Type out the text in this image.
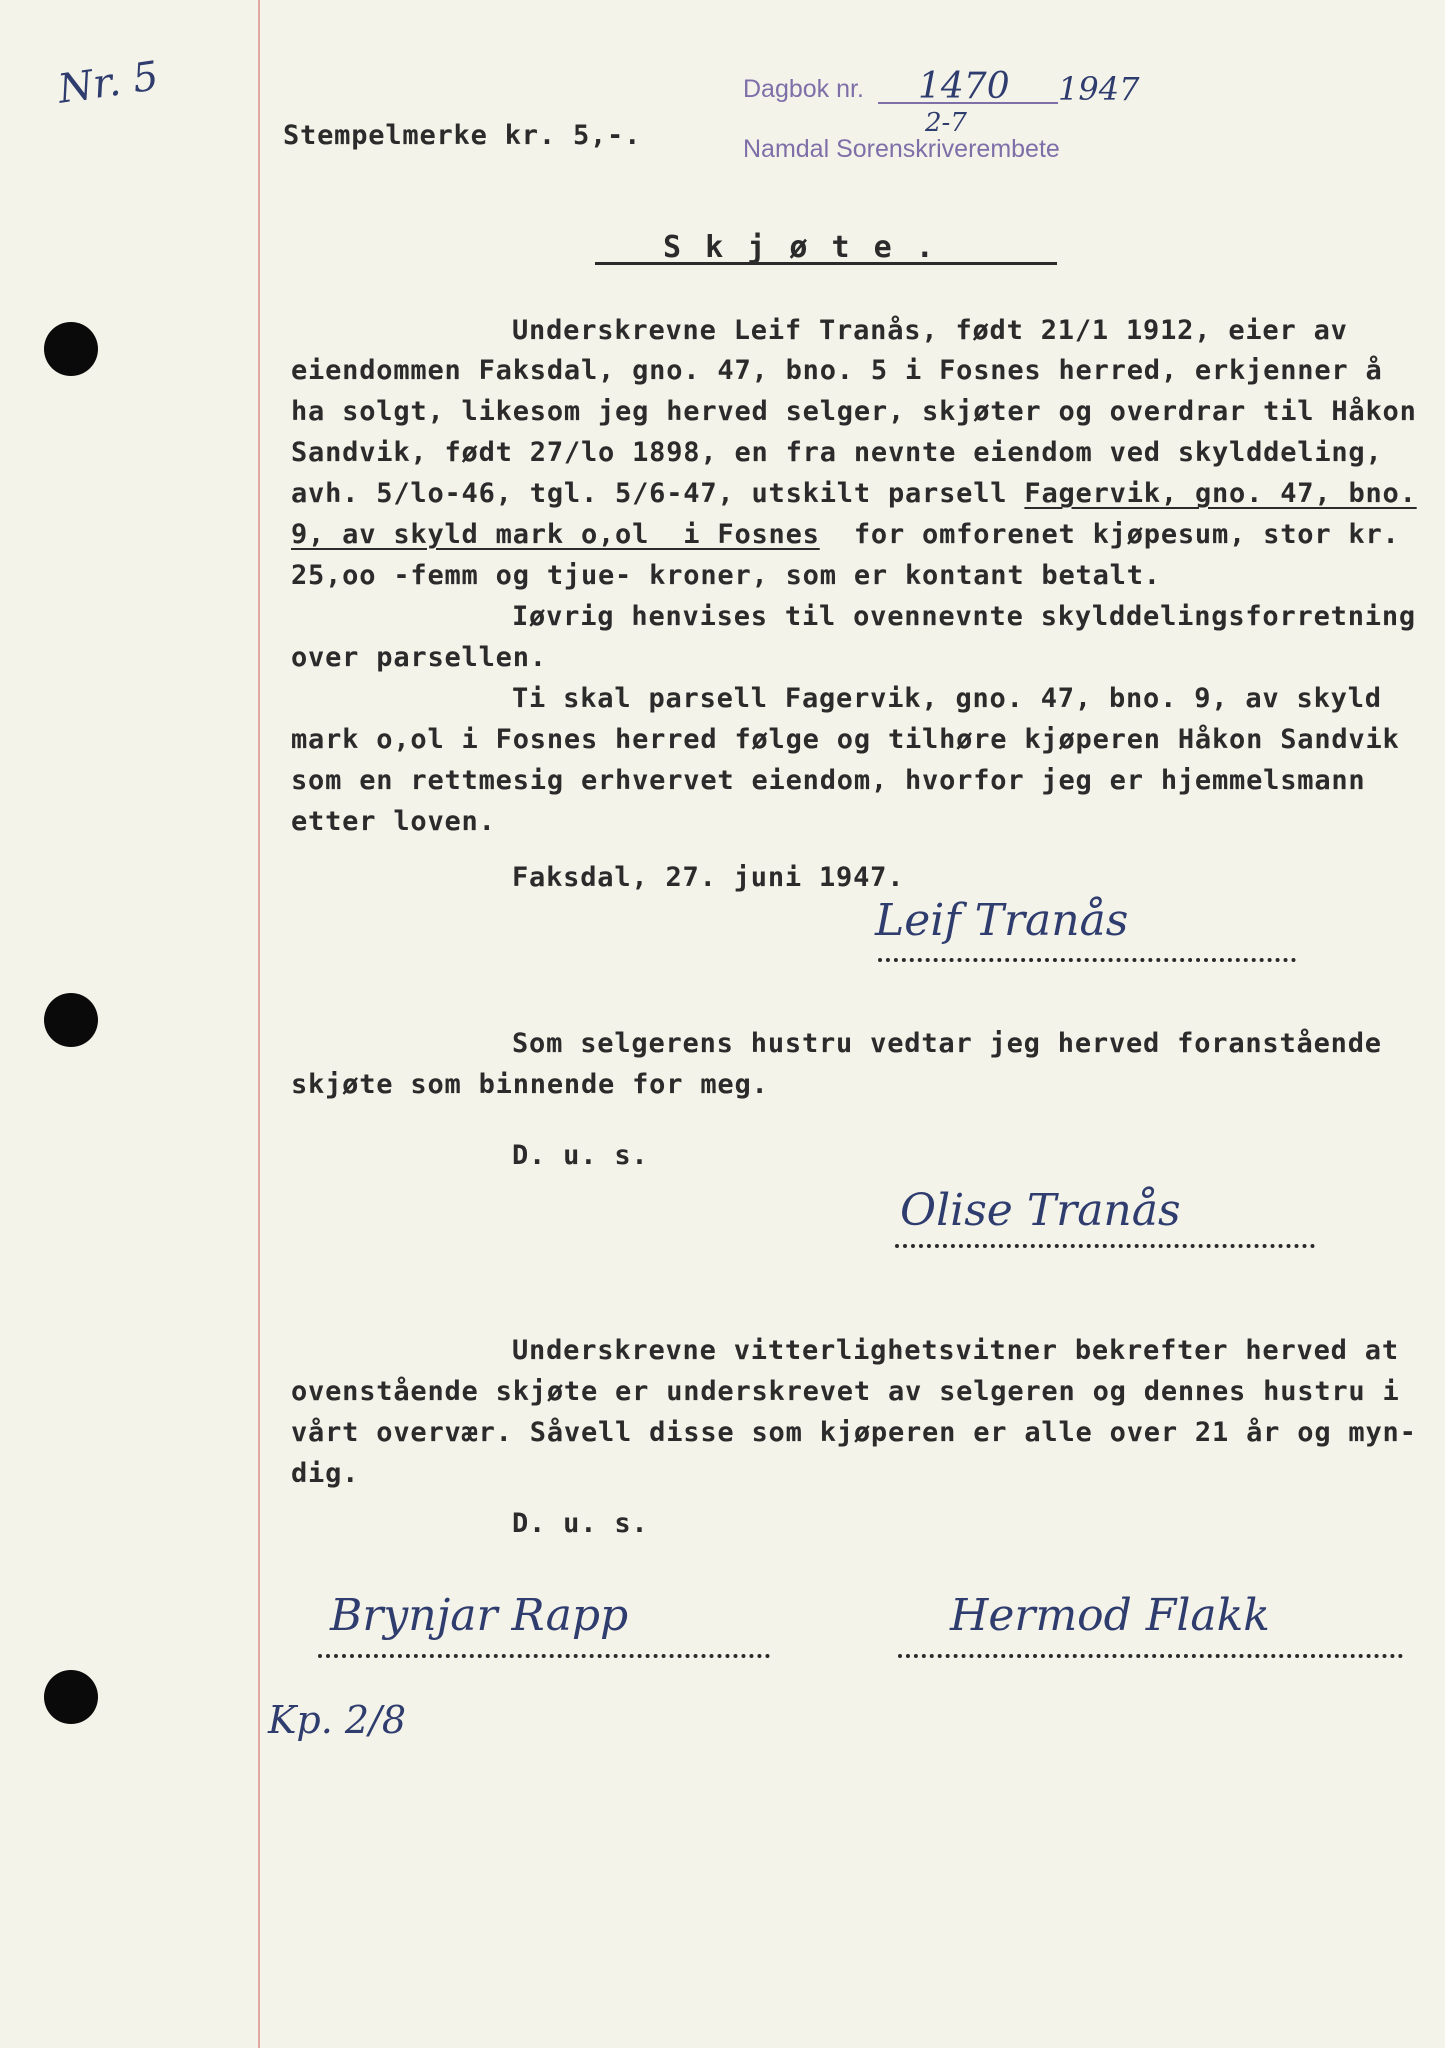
Nr. 5	Dagbok nr. 1470 1947
2-7
Namdal Sorenskriverembete
Stempelmerke kr. 5,-.
S k j ø t e .
Underskrevne Leif Tranås, født 21/1 1912, eier av
eiendommen Faksdal, gno. 47, bno. 5 i Fosnes herred, erkjenner å
ha solgt, likesom jeg herved selger, skjøter og overdrar til Håkon
Sandvik, født 27/lo 1898, en fra nevnte eiendom ved skylddeling,
avh. 5/lo-46, tgl. 5/6-47, utskilt parsell Fagervik, gno. 47, bno.
9, av skyld mark o,ol  i Fosnes  for omforenet kjøpesum, stor kr.
25,oo -femm og tjue- kroner, som er kontant betalt.
Iøvrig henvises til ovennevnte skylddelingsforretning
over parsellen.
Ti skal parsell Fagervik, gno. 47, bno. 9, av skyld
mark o,ol i Fosnes herred følge og tilhøre kjøperen Håkon Sandvik
som en rettmesig erhvervet eiendom, hvorfor jeg er hjemmelsmann
etter loven.
Faksdal, 27. juni 1947.
Leif Tranås
Som selgerens hustru vedtar jeg herved foranstående
skjøte som binnende for meg.
D. u. s.
Olise Tranås
Underskrevne vitterlighetsvitner bekrefter herved at
ovenstående skjøte er underskrevet av selgeren og dennes hustru i
vårt overvær. Såvell disse som kjøperen er alle over 21 år og myn-
dig.
D. u. s.
Brynjar Rapp	Hermod Flakk
Kp. 2/8
